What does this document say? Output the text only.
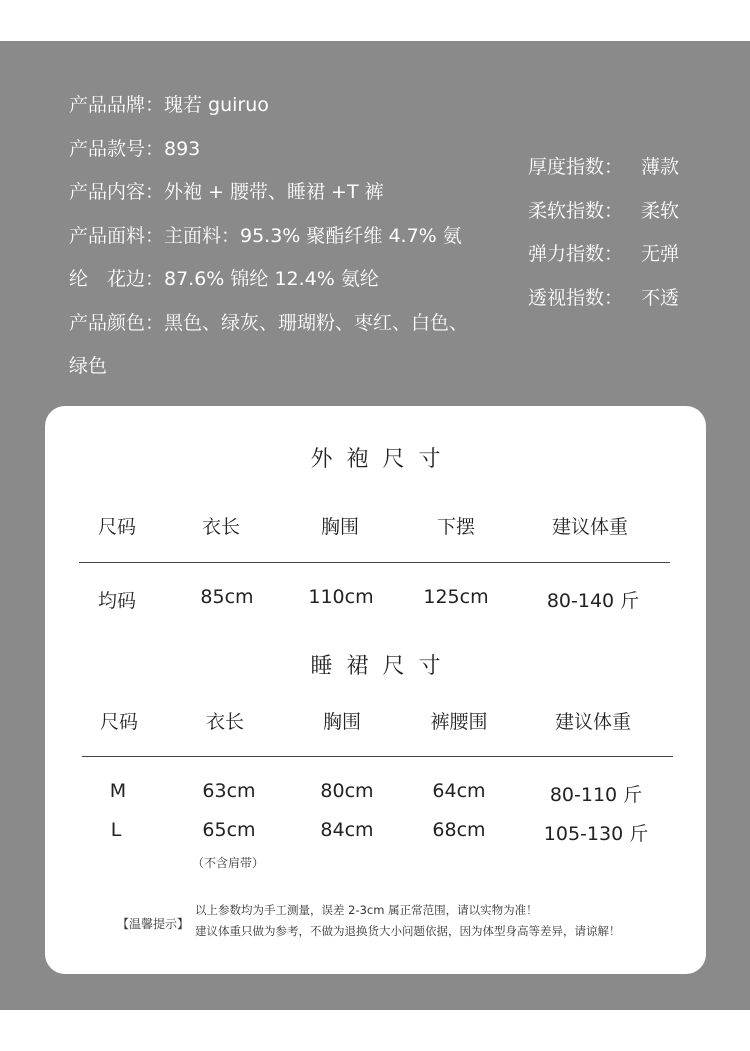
产品品牌：瑰若 guiruo
产品款号：893
产品内容：外袍 + 腰带、睡裙 +T 裤
产品面料：主面料：95.3% 聚酯纤维 4.7% 氨
纶　花边：87.6% 锦纶 12.4% 氨纶
产品颜色：黑色、绿灰、珊瑚粉、枣红、白色、
绿色
厚度指数： 薄款
柔软指数： 柔软
弹力指数： 无弹
透视指数： 不透
外袍尺寸
尺码	衣长	胸围	下摆	建议体重
均码	85cm	110cm	125cm	80-140 斤
睡裙尺寸
尺码	衣长	胸围	裤腰围	建议体重
M	63cm	80cm	64cm	80-110 斤
L	65cm	84cm	68cm	105-130 斤
（不含肩带）
【温馨提示】
以上参数均为手工测量，误差 2-3cm 属正常范围，请以实物为准！
建议体重只做为参考，不做为退换货大小问题依据，因为体型身高等差异，请谅解！
